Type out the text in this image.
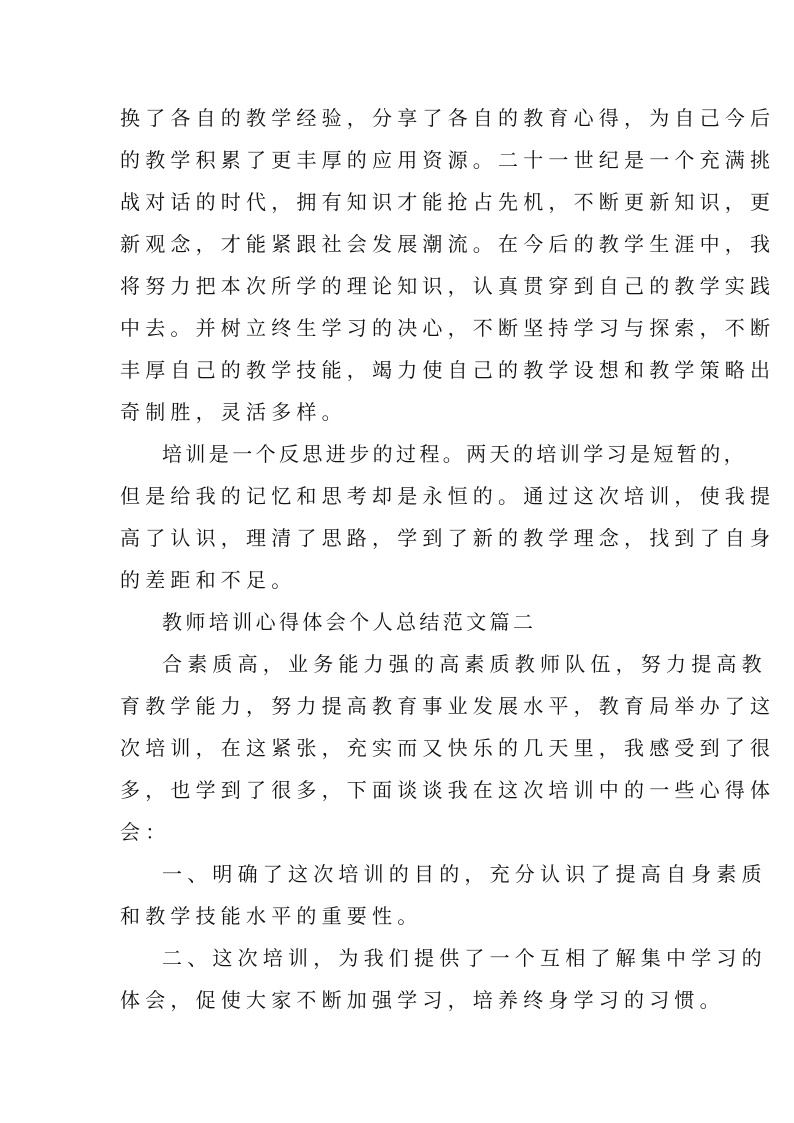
换了各自的教学经验，分享了各自的教育心得，为自己今后
的教学积累了更丰厚的应用资源。二十一世纪是一个充满挑
战对话的时代，拥有知识才能抢占先机，不断更新知识，更
新观念，才能紧跟社会发展潮流。在今后的教学生涯中，我
将努力把本次所学的理论知识，认真贯穿到自己的教学实践
中去。并树立终生学习的决心，不断坚持学习与探索，不断
丰厚自己的教学技能，竭力使自己的教学设想和教学策略出
奇制胜，灵活多样。
培训是一个反思进步的过程。两天的培训学习是短暂的，
但是给我的记忆和思考却是永恒的。通过这次培训，使我提
高了认识，理清了思路，学到了新的教学理念，找到了自身
的差距和不足。
教师培训心得体会个人总结范文篇二
合素质高，业务能力强的高素质教师队伍，努力提高教
育教学能力，努力提高教育事业发展水平，教育局举办了这
次培训，在这紧张，充实而又快乐的几天里，我感受到了很
多，也学到了很多，下面谈谈我在这次培训中的一些心得体
会：
一、明确了这次培训的目的，充分认识了提高自身素质
和教学技能水平的重要性。
二、这次培训，为我们提供了一个互相了解集中学习的
体会，促使大家不断加强学习，培养终身学习的习惯。
